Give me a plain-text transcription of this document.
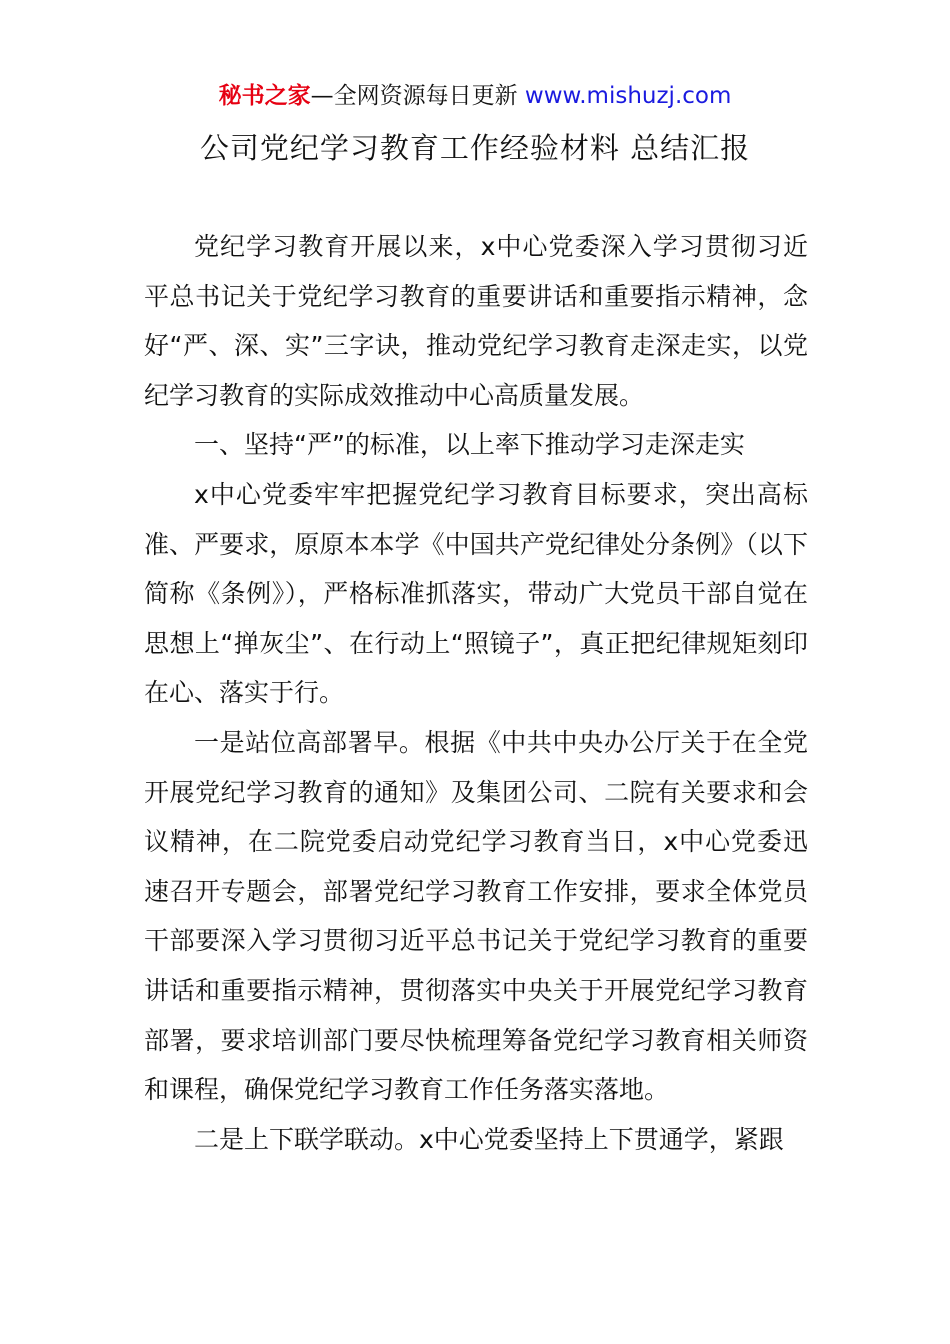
秘书之家—全网资源每日更新 www.mishuzj.com
公司党纪学习教育工作经验材料 总结汇报

党纪学习教育开展以来，x中心党委深入学习贯彻习近平总书记关于党纪学习教育的重要讲话和重要指示精神，念好“严、深、实”三字诀，推动党纪学习教育走深走实，以党纪学习教育的实际成效推动中心高质量发展。

一、坚持“严”的标准，以上率下推动学习走深走实

x中心党委牢牢把握党纪学习教育目标要求，突出高标准、严要求，原原本本学《中国共产党纪律处分条例》（以下简称《条例》），严格标准抓落实，带动广大党员干部自觉在思想上“掸灰尘”、在行动上“照镜子”，真正把纪律规矩刻印在心、落实于行。

一是站位高部署早。根据《中共中央办公厅关于在全党开展党纪学习教育的通知》及集团公司、二院有关要求和会议精神，在二院党委启动党纪学习教育当日，x中心党委迅速召开专题会，部署党纪学习教育工作安排，要求全体党员干部要深入学习贯彻习近平总书记关于党纪学习教育的重要讲话和重要指示精神，贯彻落实中央关于开展党纪学习教育部署，要求培训部门要尽快梳理筹备党纪学习教育相关师资和课程，确保党纪学习教育工作任务落实落地。

二是上下联学联动。x中心党委坚持上下贯通学，紧跟
